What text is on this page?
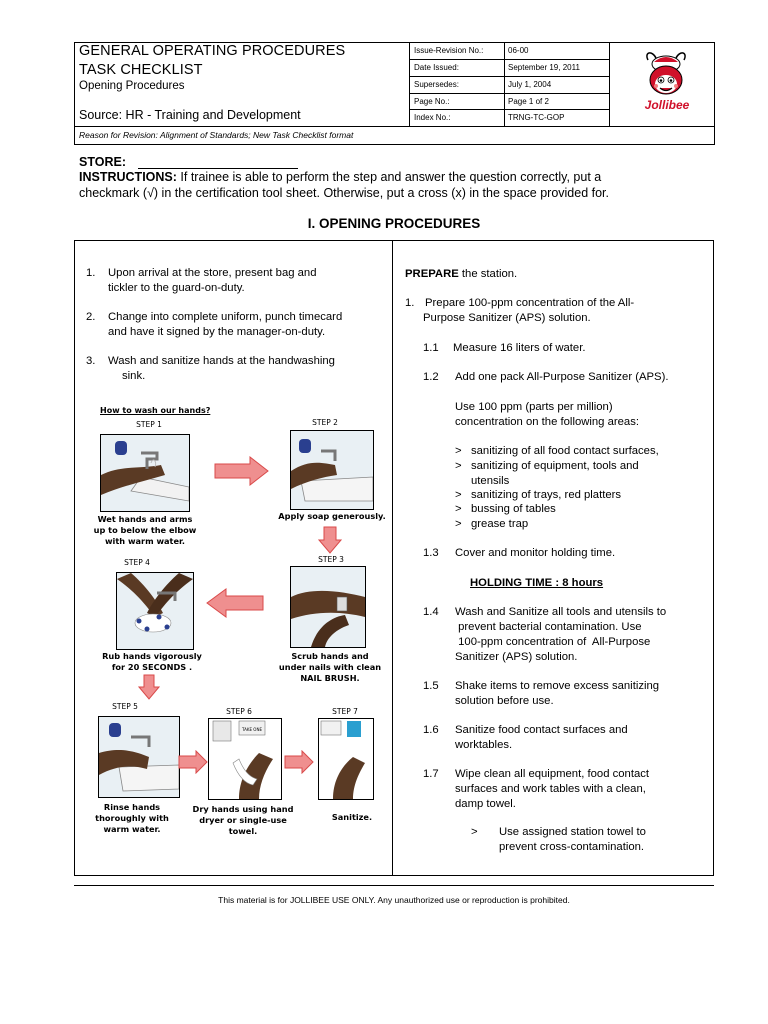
GENERAL OPERATING PROCEDURES
TASK CHECKLIST
Opening Procedures
Source: HR - Training and Development
Issue-Revision No.:	06-00
Date Issued:	September 19, 2011
Supersedes:	July 1, 2004
Page No.:	Page 1 of 2
Index No.:	TRNG-TC-GOP
Jollibee
Reason for Revision: Alignment of Standards; New Task Checklist format
STORE:
INSTRUCTIONS: If trainee is able to perform the step and answer the question correctly, put a
checkmark (√) in the certification tool sheet. Otherwise, put a cross (x) in the space provided for.
I. OPENING PROCEDURES
1. Upon arrival at the store, present bag and
tickler to the guard-on-duty.
2. Change into complete uniform, punch timecard
and have it signed by the manager-on-duty.
3. Wash and sanitize hands at the handwashing
sink.
How to wash our hands?
STEP 1	STEP 2
STEP 3
STEP 4
STEP 5
STEP 6	STEP 7
TAKE ONE
Wet hands and arms
up to below the elbow
with warm water.
Apply soap generously.
Scrub hands and
under nails with clean
NAIL BRUSH.
Rub hands vigorously
for 20 SECONDS .
Rinse hands
thoroughly with
warm water.
Dry hands using hand
dryer or single-use
towel.
Sanitize.
PREPARE the station.
1. Prepare 100-ppm concentration of the All-
Purpose Sanitizer (APS) solution.
1.1 Measure 16 liters of water.
1.2 Add one pack All-Purpose Sanitizer (APS).
Use 100 ppm (parts per million)
concentration on the following areas:
> sanitizing of all food contact surfaces,
> sanitizing of equipment, tools and
utensils
> sanitizing of trays, red platters
> bussing of tables
> grease trap
1.3 Cover and monitor holding time.
HOLDING TIME : 8 hours
1.4 Wash and Sanitize all tools and utensils to
prevent bacterial contamination. Use
100-ppm concentration of  All-Purpose
Sanitizer (APS) solution.
1.5 Shake items to remove excess sanitizing
solution before use.
1.6 Sanitize food contact surfaces and
worktables.
1.7 Wipe clean all equipment, food contact
surfaces and work tables with a clean,
damp towel.
> Use assigned station towel to
prevent cross-contamination.
This material is for JOLLIBEE USE ONLY. Any unauthorized use or reproduction is prohibited.
